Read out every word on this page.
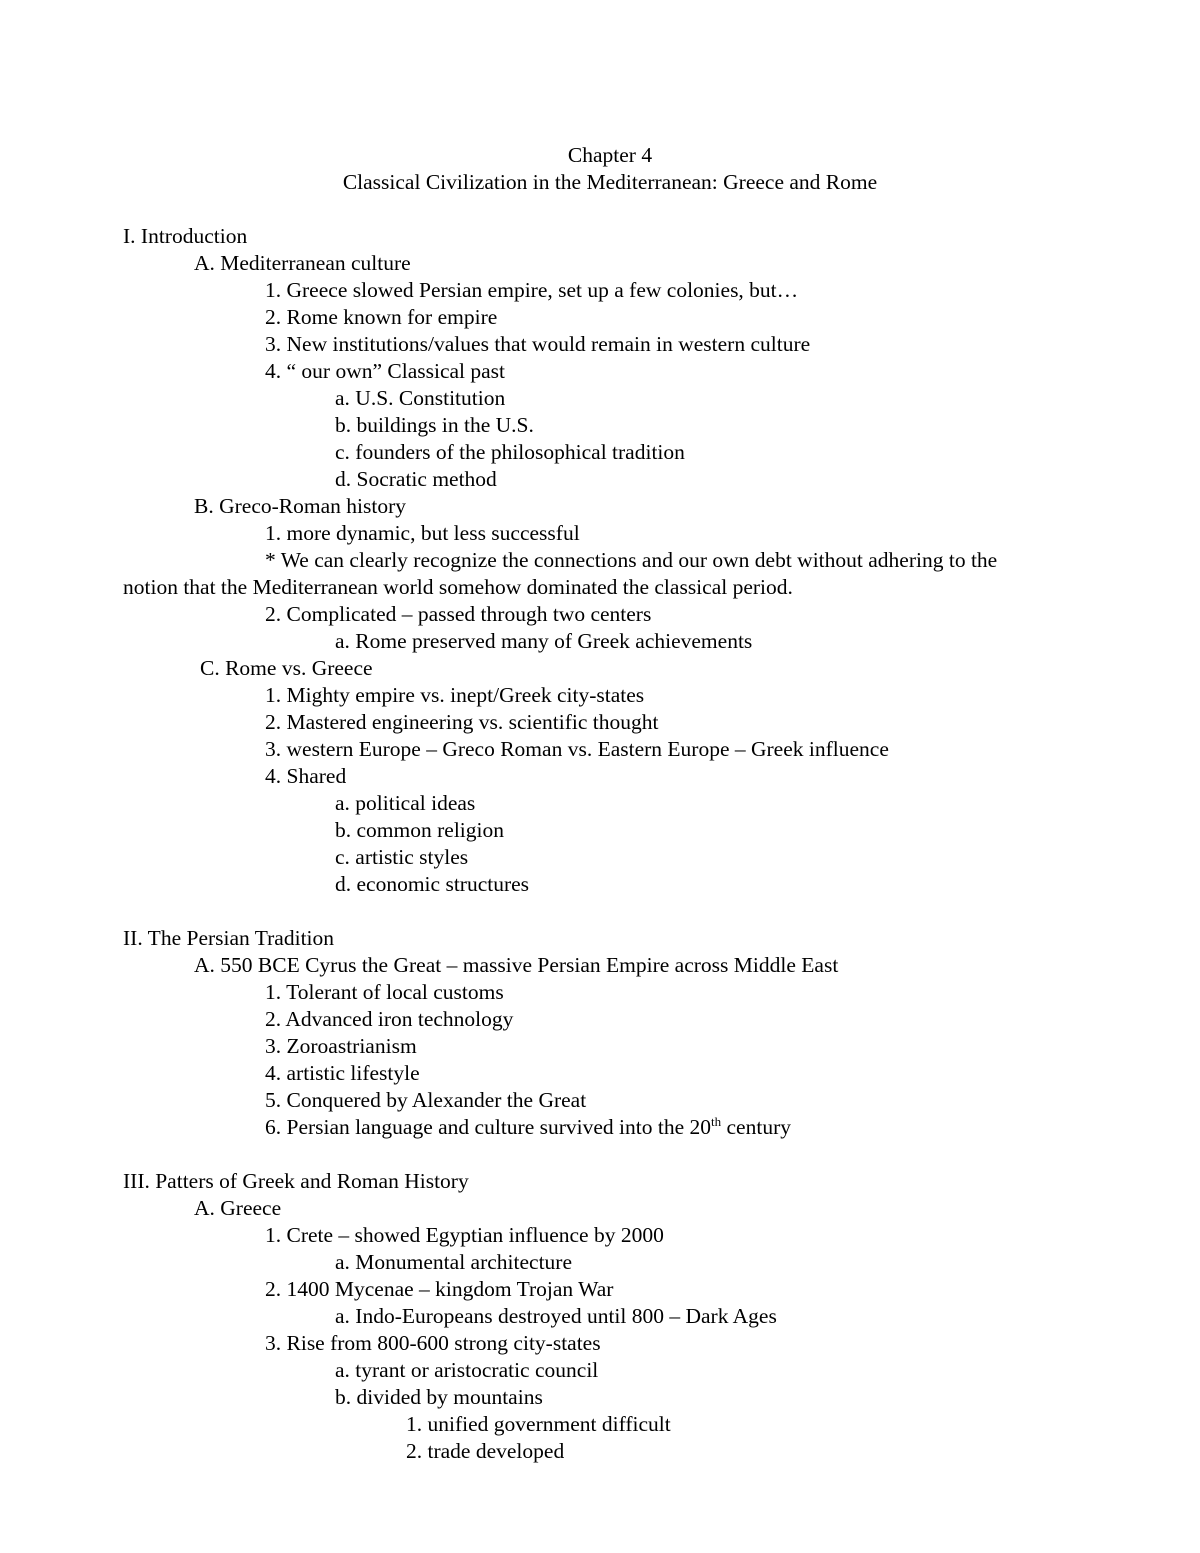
Chapter 4
Classical Civilization in the Mediterranean: Greece and Rome
I. Introduction
A. Mediterranean culture
1. Greece slowed Persian empire, set up a few colonies, but…
2. Rome known for empire
3. New institutions/values that would remain in western culture
4. “ our own” Classical past
a. U.S. Constitution
b. buildings in the U.S.
c. founders of the philosophical tradition
d. Socratic method
B. Greco-Roman history
1. more dynamic, but less successful
* We can clearly recognize the connections and our own debt without adhering to the
notion that the Mediterranean world somehow dominated the classical period.
2. Complicated – passed through two centers
a. Rome preserved many of Greek achievements
C. Rome vs. Greece
1. Mighty empire vs. inept/Greek city-states
2. Mastered engineering vs. scientific thought
3. western Europe – Greco Roman vs. Eastern Europe – Greek influence
4. Shared
a. political ideas
b. common religion
c. artistic styles
d. economic structures
II. The Persian Tradition
A. 550 BCE Cyrus the Great – massive Persian Empire across Middle East
1. Tolerant of local customs
2. Advanced iron technology
3. Zoroastrianism
4. artistic lifestyle
5. Conquered by Alexander the Great
6. Persian language and culture survived into the 20th century
III. Patters of Greek and Roman History
A. Greece
1. Crete – showed Egyptian influence by 2000
a. Monumental architecture
2. 1400 Mycenae – kingdom Trojan War
a. Indo-Europeans destroyed until 800 – Dark Ages
3. Rise from 800-600 strong city-states
a. tyrant or aristocratic council
b. divided by mountains
1. unified government difficult
2. trade developed
